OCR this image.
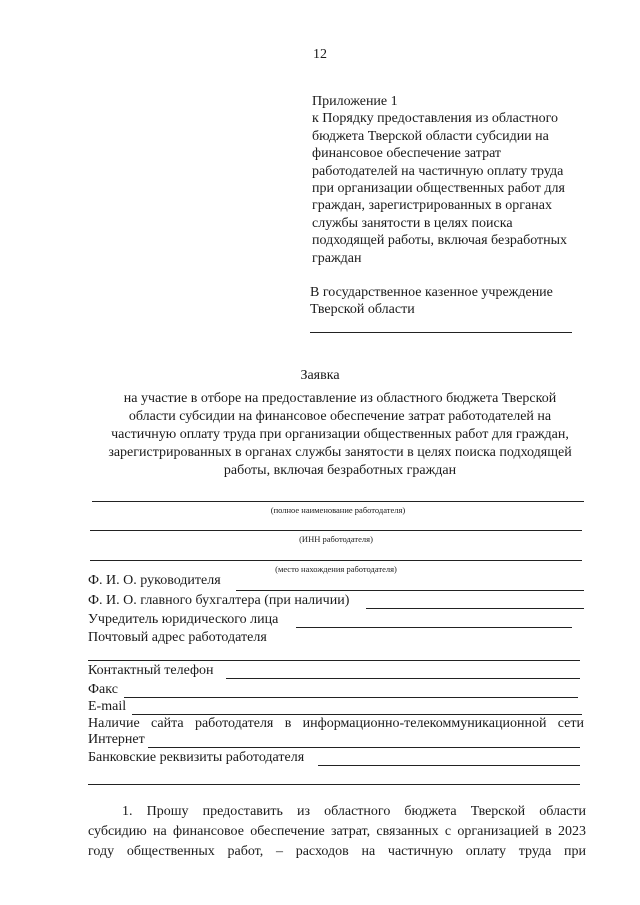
12
Приложение 1
к Порядку предоставления из областного
бюджета Тверской области субсидии на
финансовое обеспечение затрат
работодателей на частичную оплату труда
при организации общественных работ для
граждан, зарегистрированных в органах
службы занятости в целях поиска
подходящей работы, включая безработных
граждан
В государственное казенное учреждение
Тверской области
Заявка
на участие в отборе на предоставление из областного бюджета Тверской
области субсидии на финансовое обеспечение затрат работодателей на
частичную оплату труда при организации общественных работ для граждан,
зарегистрированных в органах службы занятости в целях поиска подходящей
работы, включая безработных граждан
(полное наименование работодателя)
(ИНН работодателя)
(место нахождения работодателя)
Ф. И. О. руководителя
Ф. И. О. главного бухгалтера (при наличии)
Учредитель юридического лица
Почтовый адрес работодателя
Контактный телефон
Факс
E-mail
Наличие сайта работодателя в информационно-телекоммуникационной сети
Интернет
Банковские реквизиты работодателя
1. Прошу предоставить из областного бюджета Тверской области
субсидию на финансовое обеспечение затрат, связанных с организацией в 2023
году общественных работ, – расходов на частичную оплату труда при
